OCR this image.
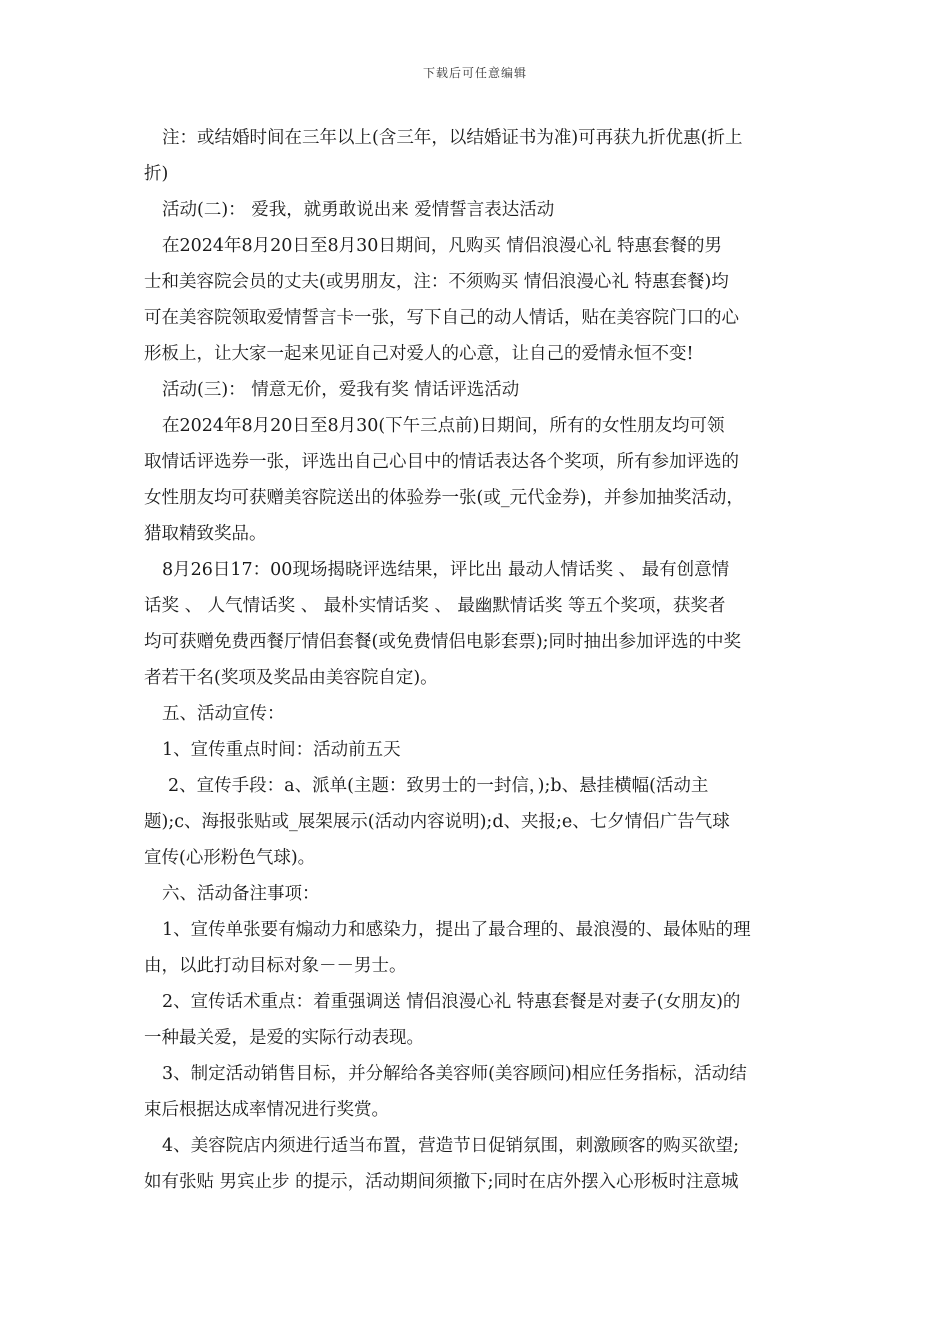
下载后可任意编辑
注：或结婚时间在三年以上(含三年，以结婚证书为准)可再获九折优惠(折上
折)
活动(二)： 爱我，就勇敢说出来 爱情誓言表达活动
在2024年8月20日至8月30日期间，凡购买 情侣浪漫心礼 特惠套餐的男
士和美容院会员的丈夫(或男朋友，注：不须购买 情侣浪漫心礼 特惠套餐)均
可在美容院领取爱情誓言卡一张，写下自己的动人情话，贴在美容院门口的心
形板上，让大家一起来见证自己对爱人的心意，让自己的爱情永恒不变!
活动(三)： 情意无价，爱我有奖 情话评选活动
在2024年8月20日至8月30(下午三点前)日期间，所有的女性朋友均可领
取情话评选券一张，评选出自己心目中的情话表达各个奖项，所有参加评选的
女性朋友均可获赠美容院送出的体验券一张(或_元代金券)，并参加抽奖活动，
猎取精致奖品。
8月26日17：00现场揭晓评选结果，评比出 最动人情话奖 、 最有创意情
话奖 、 人气情话奖 、 最朴实情话奖 、 最幽默情话奖 等五个奖项，获奖者
均可获赠免费西餐厅情侣套餐(或免费情侣电影套票);同时抽出参加评选的中奖
者若干名(奖项及奖品由美容院自定)。
五、活动宣传：
1、宣传重点时间：活动前五天
2、宣传手段：a、派单(主题：致男士的一封信，);b、悬挂横幅(活动主
题);c、海报张贴或_展架展示(活动内容说明);d、夹报;e、七夕情侣广告气球
宣传(心形粉色气球)。
六、活动备注事项：
1、宣传单张要有煽动力和感染力，提出了最合理的、最浪漫的、最体贴的理
由，以此打动目标对象－－男士。
2、宣传话术重点：着重强调送 情侣浪漫心礼 特惠套餐是对妻子(女朋友)的
一种最关爱，是爱的实际行动表现。
3、制定活动销售目标，并分解给各美容师(美容顾问)相应任务指标，活动结
束后根据达成率情况进行奖赏。
4、美容院店内须进行适当布置，营造节日促销氛围，刺激顾客的购买欲望;
如有张贴 男宾止步 的提示，活动期间须撤下;同时在店外摆入心形板时注意城
